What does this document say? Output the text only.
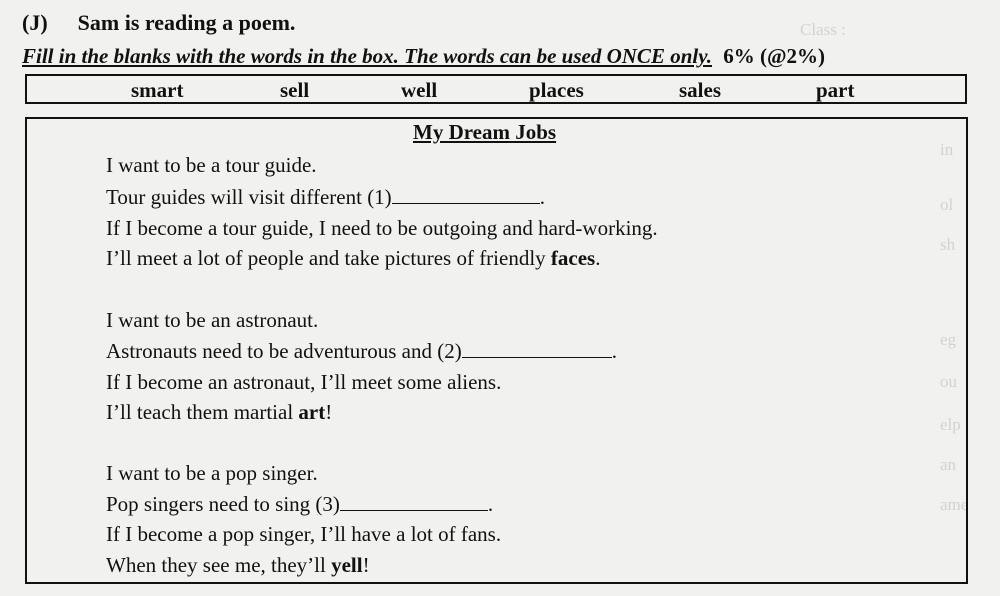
Class :
in
ol
sh
eg
ou
elp
an
ame
(J) Sam is reading a poem.
Fill in the blanks with the words in the box. The words can be used ONCE only. 6% (@2%)
smart	sell	well	places	sales	part
My Dream Jobs
I want to be a tour guide.
Tour guides will visit different (1)	.
If I become a tour guide, I need to be outgoing and hard-working.
I’ll meet a lot of people and take pictures of friendly faces.
I want to be an astronaut.
Astronauts need to be adventurous and (2)	.
If I become an astronaut, I’ll meet some aliens.
I’ll teach them martial art!
I want to be a pop singer.
Pop singers need to sing (3)	.
If I become a pop singer, I’ll have a lot of fans.
When they see me, they’ll yell!
